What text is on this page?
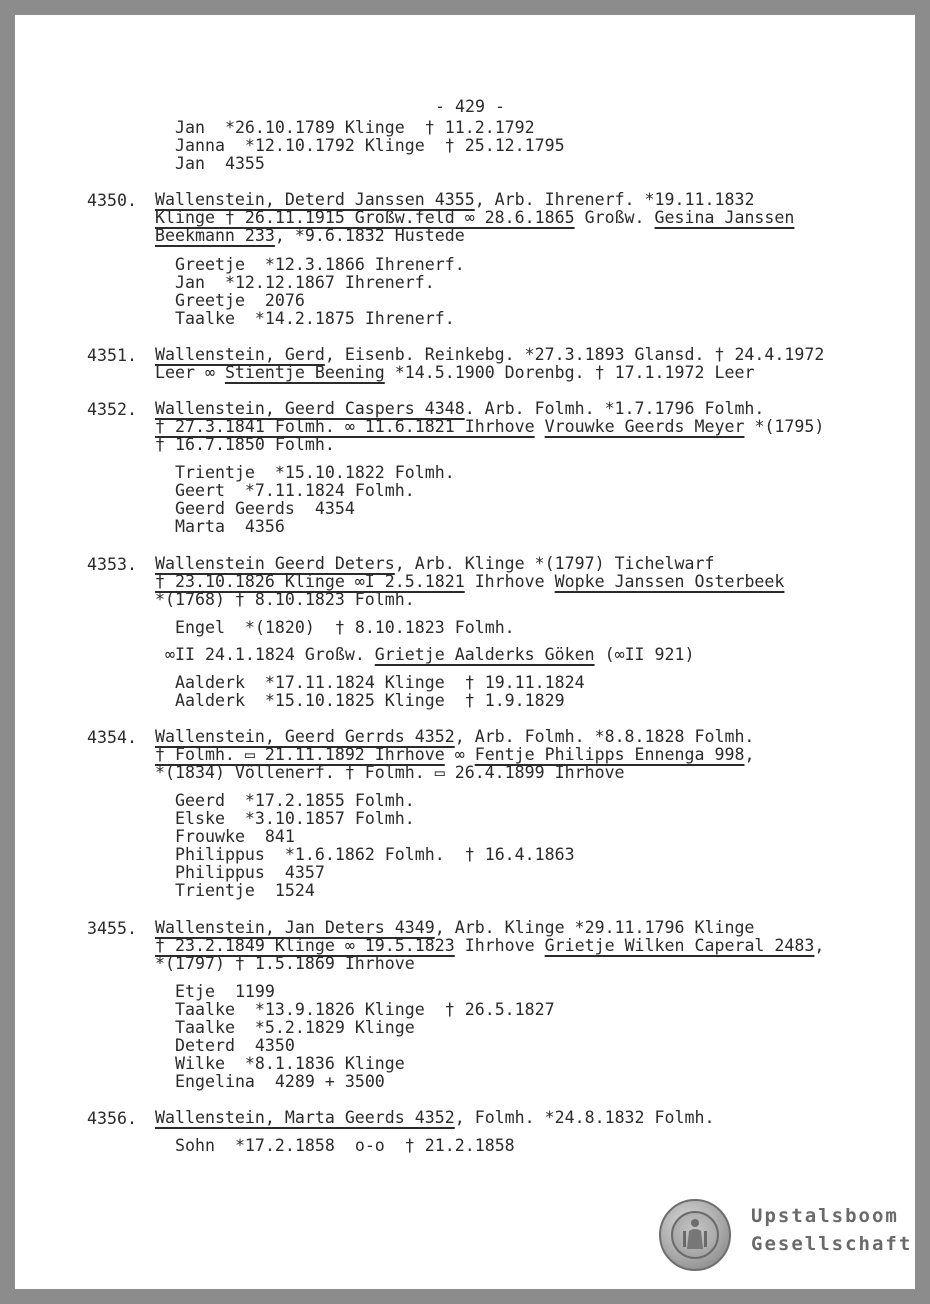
- 429 -
Jan  *26.10.1789 Klinge  † 11.2.1792
Janna  *12.10.1792 Klinge  † 25.12.1795
Jan  4355
Wallenstein, Deterd Janssen 4355, Arb. Ihrenerf. *19.11.1832
Klinge † 26.11.1915 Großw.feld ∞ 28.6.1865 Großw. Gesina Janssen
Beekmann 233, *9.6.1832 Hustede
Greetje  *12.3.1866 Ihrenerf.
Jan  *12.12.1867 Ihrenerf.
Greetje  2076
Taalke  *14.2.1875 Ihrenerf.
Wallenstein, Gerd, Eisenb. Reinkebg. *27.3.1893 Glansd. † 24.4.1972
Leer ∞ Stientje Beening *14.5.1900 Dorenbg. † 17.1.1972 Leer
Wallenstein, Geerd Caspers 4348. Arb. Folmh. *1.7.1796 Folmh.
† 27.3.1841 Folmh. ∞ 11.6.1821 Ihrhove Vrouwke Geerds Meyer *(1795)
† 16.7.1850 Folmh.
Trientje  *15.10.1822 Folmh.
Geert  *7.11.1824 Folmh.
Geerd Geerds  4354
Marta  4356
Wallenstein Geerd Deters, Arb. Klinge *(1797) Tichelwarf
† 23.10.1826 Klinge ∞I 2.5.1821 Ihrhove Wopke Janssen Osterbeek
*(1768) † 8.10.1823 Folmh.
Engel  *(1820)  † 8.10.1823 Folmh.
∞II 24.1.1824 Großw. Grietje Aalderks Göken (∞II 921)
Aalderk  *17.11.1824 Klinge  † 19.11.1824
Aalderk  *15.10.1825 Klinge  † 1.9.1829
Wallenstein, Geerd Gerrds 4352, Arb. Folmh. *8.8.1828 Folmh.
† Folmh. ▭ 21.11.1892 Ihrhove ∞ Fentje Philipps Ennenga 998,
*(1834) Völlenerf. † Folmh. ▭ 26.4.1899 Ihrhove
Geerd  *17.2.1855 Folmh.
Elske  *3.10.1857 Folmh.
Frouwke  841
Philippus  *1.6.1862 Folmh.  † 16.4.1863
Philippus  4357
Trientje  1524
Wallenstein, Jan Deters 4349, Arb. Klinge *29.11.1796 Klinge
† 23.2.1849 Klinge ∞ 19.5.1823 Ihrhove Grietje Wilken Caperal 2483,
*(1797) † 1.5.1869 Ihrhove
Etje  1199
Taalke  *13.9.1826 Klinge  † 26.5.1827
Taalke  *5.2.1829 Klinge
Deterd  4350
Wilke  *8.1.1836 Klinge
Engelina  4289 + 3500
Wallenstein, Marta Geerds 4352, Folmh. *24.8.1832 Folmh.
Sohn  *17.2.1858  o-o  † 21.2.1858
4350.
4351.
4352.
4353.
4354.
3455.
4356.
Upstalsboom
Gesellschaft
